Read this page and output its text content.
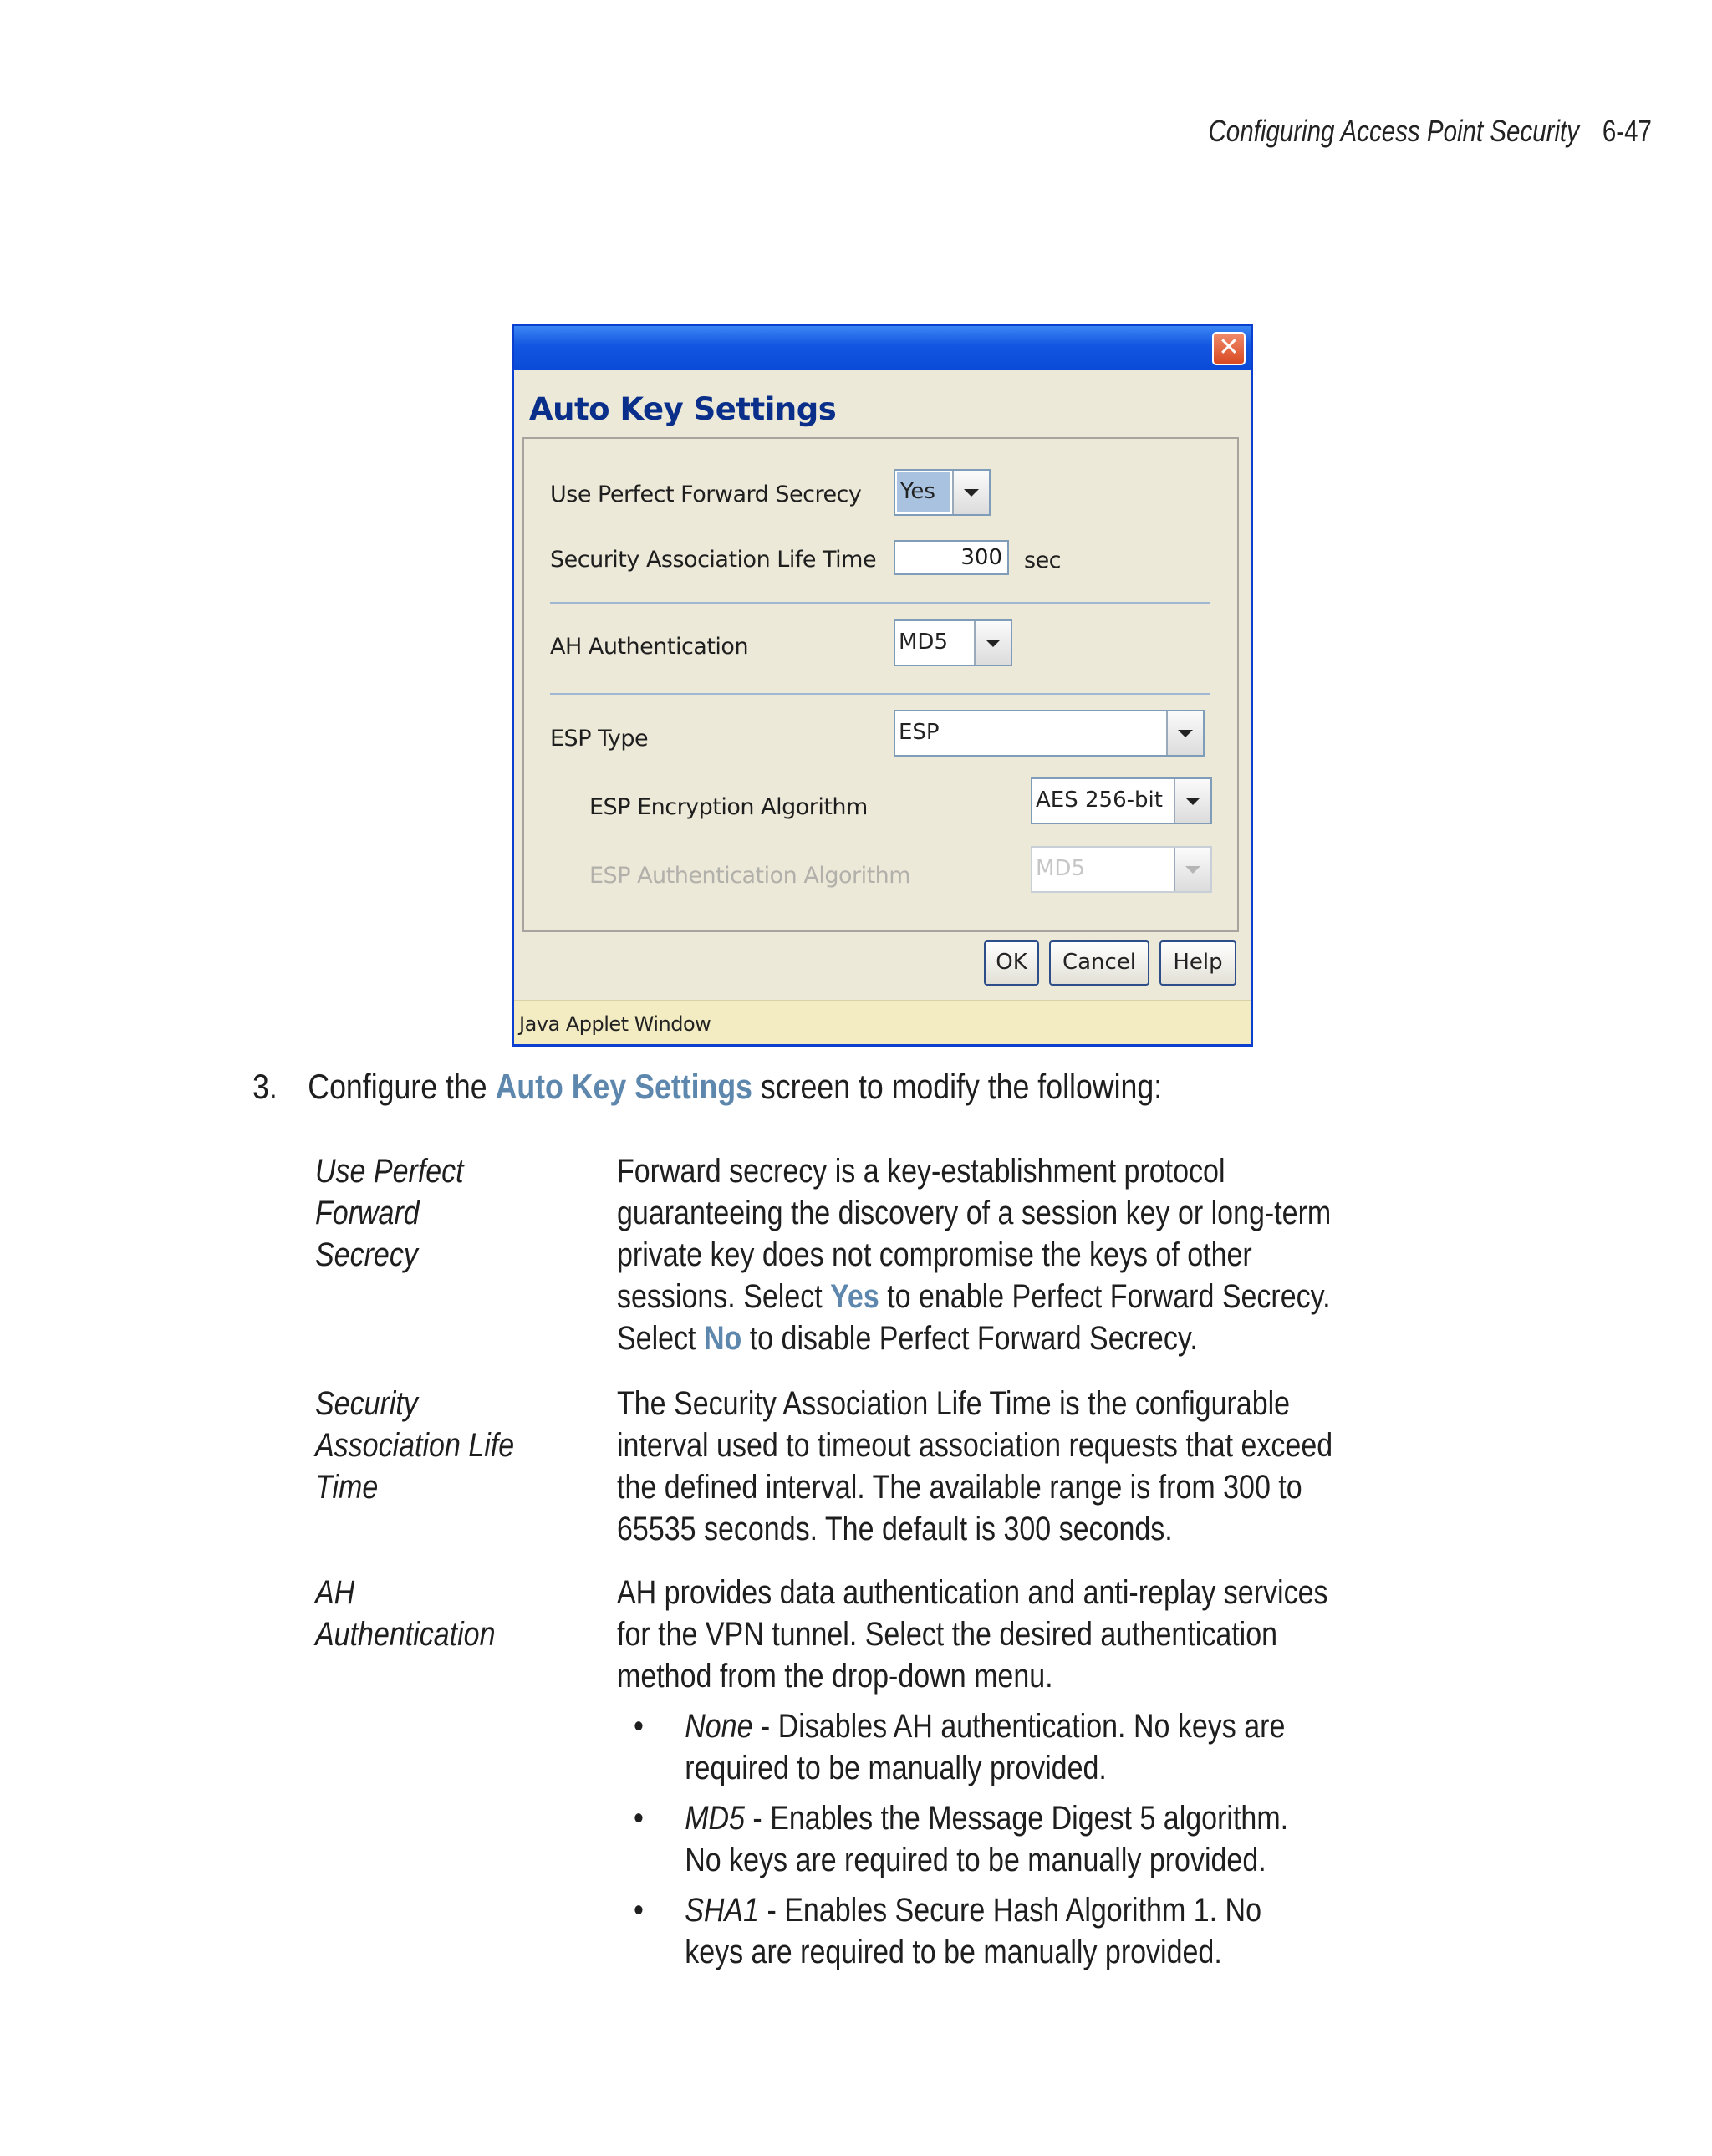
Configuring Access Point Security 6-47
✕
Auto Key Settings
Use Perfect Forward Secrecy Yes
Security Association Life Time	300 sec
AH Authentication	MD5
ESP Type	ESP
ESP Encryption Algorithm	AES 256-bit
ESP Authentication Algorithm	MD5
OK	Cancel	Help
Java Applet Window
3. Configure the Auto Key Settings screen to modify the following:
Use Perfect Forward Secrecy
Forward secrecy is a key-establishment protocol guaranteeing the discovery of a session key or long-term private key does not compromise the keys of other sessions. Select Yes to enable Perfect Forward Secrecy. Select No to disable Perfect Forward Secrecy.
Security Association Life Time
The Security Association Life Time is the configurable interval used to timeout association requests that exceed the defined interval. The available range is from 300 to 65535 seconds. The default is 300 seconds.
AH Authentication
AH provides data authentication and anti-replay services for the VPN tunnel. Select the desired authentication method from the drop-down menu.
• None - Disables AH authentication. No keys are required to be manually provided.
• MD5 - Enables the Message Digest 5 algorithm. No keys are required to be manually provided.
• SHA1 - Enables Secure Hash Algorithm 1. No keys are required to be manually provided.
